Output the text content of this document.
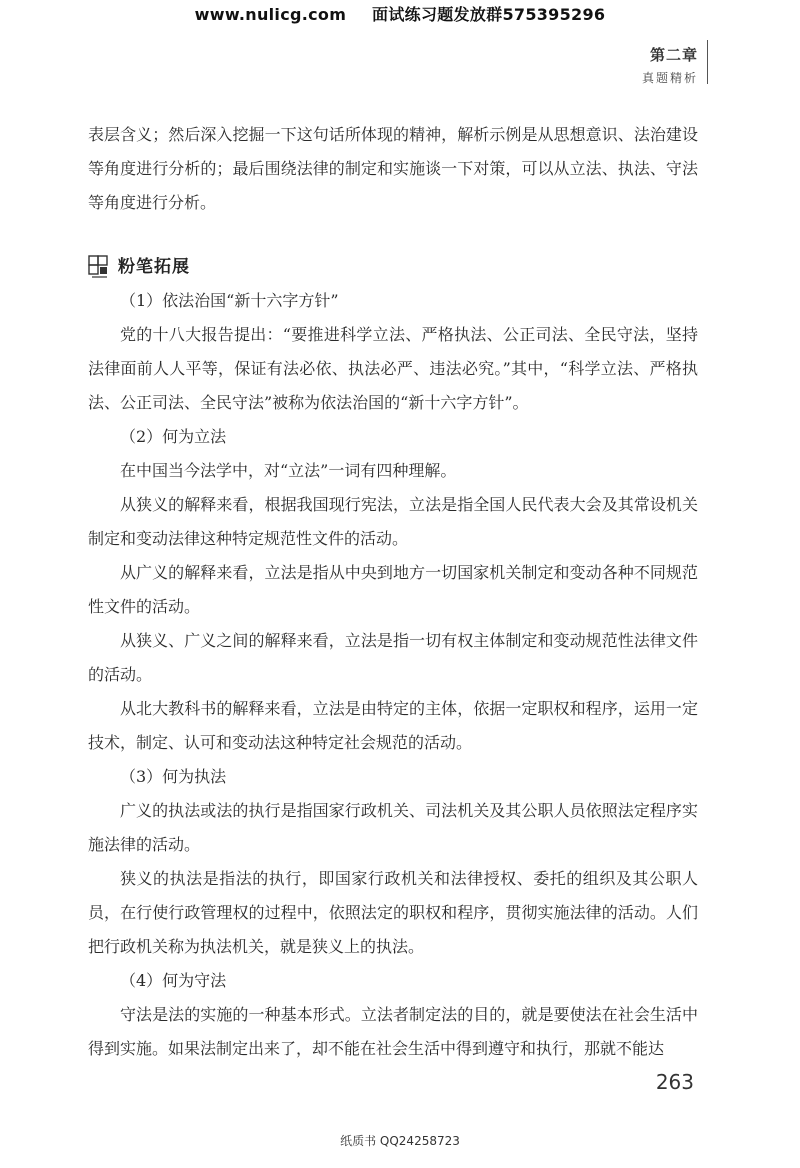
www.nulicg.com 面试练习题发放群575395296
第二章
真题精析

表层含义；然后深入挖掘一下这句话所体现的精神，解析示例是从思想意识、法治建设等角度进行分析的；最后围绕法律的制定和实施谈一下对策，可以从立法、执法、守法等角度进行分析。

粉笔拓展

（1）依法治国“新十六字方针”

党的十八大报告提出：“要推进科学立法、严格执法、公正司法、全民守法，坚持法律面前人人平等，保证有法必依、执法必严、违法必究。”其中，“科学立法、严格执法、公正司法、全民守法”被称为依法治国的“新十六字方针”。

（2）何为立法

在中国当今法学中，对“立法”一词有四种理解。

从狭义的解释来看，根据我国现行宪法，立法是指全国人民代表大会及其常设机关制定和变动法律这种特定规范性文件的活动。

从广义的解释来看，立法是指从中央到地方一切国家机关制定和变动各种不同规范性文件的活动。

从狭义、广义之间的解释来看，立法是指一切有权主体制定和变动规范性法律文件的活动。

从北大教科书的解释来看，立法是由特定的主体，依据一定职权和程序，运用一定技术，制定、认可和变动法这种特定社会规范的活动。

（3）何为执法

广义的执法或法的执行是指国家行政机关、司法机关及其公职人员依照法定程序实施法律的活动。

狭义的执法是指法的执行，即国家行政机关和法律授权、委托的组织及其公职人员，在行使行政管理权的过程中，依照法定的职权和程序，贯彻实施法律的活动。人们把行政机关称为执法机关，就是狭义上的执法。

（4）何为守法

守法是法的实施的一种基本形式。立法者制定法的目的，就是要使法在社会生活中得到实施。如果法制定出来了，却不能在社会生活中得到遵守和执行，那就不能达

263
纸质书 QQ24258723
